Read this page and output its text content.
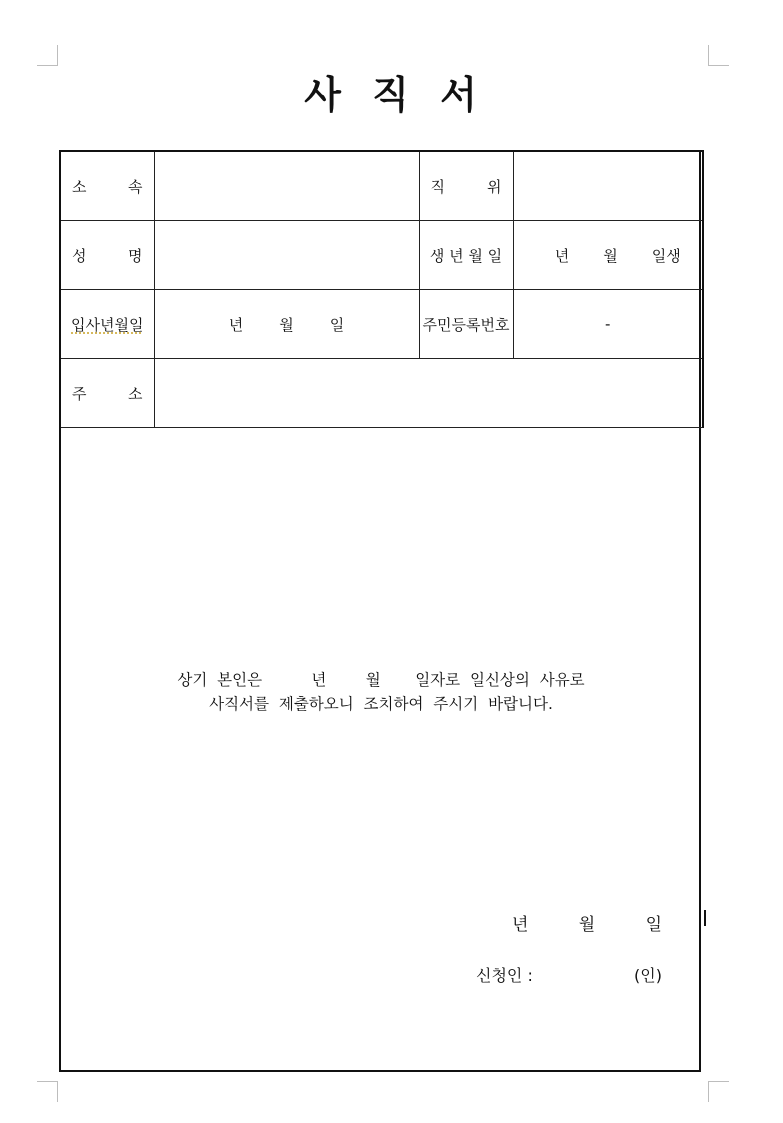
사 직 서
소 속		직 위	

성 명		생 년 월 일	년 월 일생

입사년월일	년 월 일	주민등록번호	-

주 소			

상기  본인은          년        월       일자로  일신상의  사유로
사직서를  제출하오니  조치하여  주시기  바랍니다.
년	월	일
신청인 :	(인)
